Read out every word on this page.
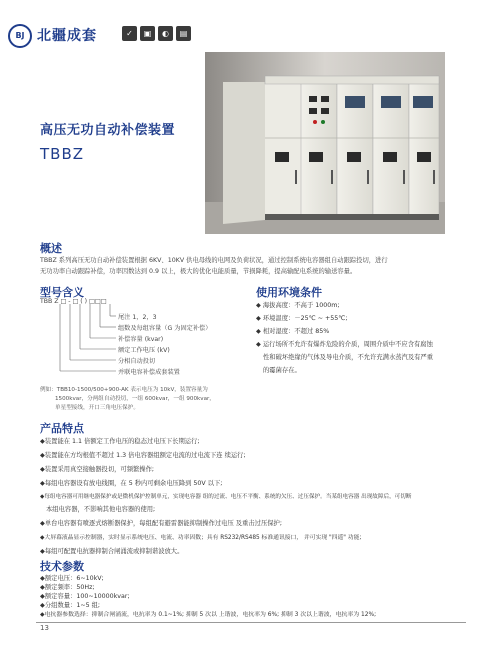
BJ 北疆成套	✓	▣	◐	▤
高压无功自动补偿装置
TBBZ
概述
TBBZ 系列高压无功自动补偿装置根据 6KV、10KV 供电母线的电网及负荷状况，通过控制系统电容器组自动跟踪投切，进行
无功功率自动跟踪补偿，功率因数达到 0.9 以上，极大的优化电能质量，节损降耗，提高输配电系统的输送容量。
型号含义
TBB Z □ - □ ( ) □□□
尾注 1，2，3
组数及每组容量（G 为固定补偿）
补偿容量 (kvar)
额定工作电压 (kV)
分相自动投切
并联电容补偿成套装置
例如：TBB10-1500/500+900-AK 表示电压为 10kV，装置容量为
1500kvar，分两组自动投切，一组 600kvar，一组 900kvar，
单星型接线，开口三角电压保护。
使用环境条件
◆ 海拔高度：不高于 1000m;
◆ 环境温度：－25℃ ~ +55℃;
◆ 相对湿度：不超过 85%
◆ 运行场所不允许有爆炸危险的介质，周围介质中不应含有腐蚀
性和破坏绝缘的气体及导电介质，不允许充满水蒸汽及有严重
的霉菌存在。
产品特点
◆装置能在 1.1 倍额定工作电压的稳态过电压下长期运行;
◆装置能在方均根值不超过 1.3 倍电容器组额定电流的过电流下连 续运行;
◆装置采用真空接触器投切，可频繁操作;
◆每组电容器设有放电线圈，在 5 秒内可剩余电压降到 50V 以下;
◆每组电容器可用继电器保护或是微机保护控制单元，实现电容器 组的过流、电压不平衡、系统的欠压、过压保护。当某组电容器 出现故障后，可切断
本组电容器，不影响其他电容器的使用;
◆单台电容器有喷逐式熔断器保护，每组配有避雷器能抑制操作过电压 及重击过压保护;
◆大屏幕液晶显示控制器，实时显示系统电压、电流、功率因数；具有 RS232/RS485 标准通讯接口， 并可实现 "四遥" 功能;
◆每组可配置电抗器抑制合闸涌流或抑制谐波放大。
技术参数
◆额定电压：6~10kV;
◆额定频率：50Hz;
◆额定容量：100~10000kvar;
◆分组数量：1~5 组;
◆电抗器参数选择：抑制合闸涌流，电抗率为 0.1~1%; 抑制 5 次以 上谐波，电抗率为 6%; 抑制 3 次以上谐波，电抗率为 12%;
13
